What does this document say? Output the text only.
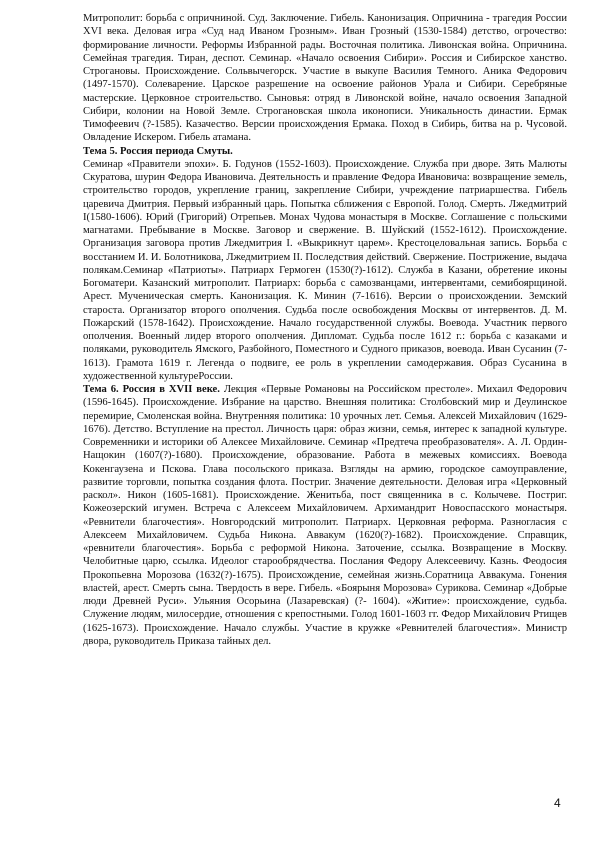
Митрополит: борьба с опричниной. Суд. Заключение. Гибель. Канонизация. Опричнина - трагедия России XVI века. Деловая игра «Суд над Иваном Грозным». Иван Грозный (1530-1584) детство, огрочество: формирование личности. Реформы Избранной рады. Восточная политика. Ливонская война. Опричнина. Семейная трагедия. Тиран, деспот. Семинар. «Начало освоения Сибири». Россия и Сибирское ханство. Строгановы. Происхождение. Сольвычегорск. Участие в выкупе Василия Темного. Аника Федорович (1497-1570). Солеварение. Царское разрешение на освоение районов Урала и Сибири. Серебряные мастерские. Церковное строительство. Сыновья: отряд в Ливонской войне, начало освоения Западной Сибири, колонии на Новой Земле. Строгановская школа иконописи. Уникальность династии. Ермак Тимофеевич (?-1585). Казачество. Версии происхождения Ермака. Поход в Сибирь, битва на р. Чусовой. Овладение Искером. Гибель атамана.

Тема 5. Россия периода Смуты.

Семинар «Правители эпохи». Б. Годунов (1552-1603). Происхождение. Служба при дворе. Зять Малюты Скуратова, шурин Федора Ивановича. Деятельность и правление Федора Ивановича: возвращение земель, строительство городов, укрепление границ, закрепление Сибири, учреждение патриаршества. Гибель царевича Дмитрия. Первый избранный царь. Попытка сближения с Европой. Голод. Смерть. Лжедмитрий I(1580-1606). Юрий (Григорий) Отрепьев. Монах Чудова монастыря в Москве. Соглашение с польскими магнатами. Пребывание в Москве. Заговор и свержение. В. Шуйский (1552-1612). Происхождение. Организация заговора против Лжедмитрия I. «Выкрикнут царем». Крестоцеловальная запись. Борьба с восстанием И. И. Болотникова, Лжедмитрием II. Последствия действий. Свержение. Пострижение, выдача полякам.Семинар «Патриоты». Патриарх Гермоген (1530(?)-1612). Служба в Казани, обретение иконы Богоматери. Казанский митрополит. Патриарх: борьба с самозванцами, интервентами, семибоярщиной. Арест. Мученическая смерть. Канонизация. К. Минин (7-1616). Версии о происхождении. Земский староста. Организатор второго ополчения. Судьба после освобождения Москвы от интервентов. Д. М. Пожарский (1578-1642). Происхождение. Начало государственной службы. Воевода. Участник первого ополчения. Военный лидер второго ополчения. Дипломат. Судьба после 1612 г.: борьба с казаками и поляками, руководитель Ямского, Разбойного, Поместного и Судного приказов, воевода. Иван Сусанин (7-1613). Грамота 1619 г. Легенда о подвиге, ее роль в укреплении самодержавия. Образ Сусанина в художественной культуреРоссии.

Тема 6. Россия в XVII веке. Лекция «Первые Романовы на Российском престоле». Михаил Федорович (1596-1645). Происхождение. Избрание на царство. Внешняя политика: Столбовский мир и Деулинское перемирие, Смоленская война. Внутренняя политика: 10 урочных лет. Семья. Алексей Михайлович (1629-1676). Детство. Вступление на престол. Личность царя: образ жизни, семья, интерес к западной культуре. Современники и историки об Алексее Михайловиче. Семинар «Предтеча преобразователя». А. Л. Ордин-Нащокин (1607(?)-1680). Происхождение, образование. Работа в межевых комиссиях. Воевода Кокенгаузена и Пскова. Глава посольского приказа. Взгляды на армию, городское самоуправление, развитие торговли, попытка создания флота. Постриг. Значение деятельности. Деловая игра «Церковный раскол». Никон (1605-1681). Происхождение. Женитьба, пост священника в с. Колычеве. Постриг. Кожеозерский игумен. Встреча с Алексеем Михайловичем. Архимандрит Новоспасского монастыря. «Ревнители благочестия». Новгородский митрополит. Патриарх. Церковная реформа. Разногласия с Алексеем Михайловичем. Судьба Никона. Аввакум (1620(?)-1682). Происхождение. Справщик, «ревнители благочестия». Борьба с реформой Никона. Заточение, ссылка. Возвращение в Москву. Челобитные царю, ссылка. Идеолог старообрядчества. Послания Федору Алексеевичу. Казнь. Феодосия Прокопьевна Морозова (1632(?)-1675). Происхождение, семейная жизнь.Соратница Аввакума. Гонения властей, арест. Смерть сына. Твердость в вере. Гибель. «Боярыня Морозова» Сурикова. Семинар «Добрые люди Древней Руси». Ульяния Осорьина (Лазаревская) (?- 1604). «Житие»: происхождение, судьба. Служение людям, милосердие, отношения с крепостными. Голод 1601-1603 гг. Федор Михайлович Ртищев (1625-1673). Происхождение. Начало службы. Участие в кружке «Ревнителей благочестия». Министр двора, руководитель Приказа тайных дел.

4
